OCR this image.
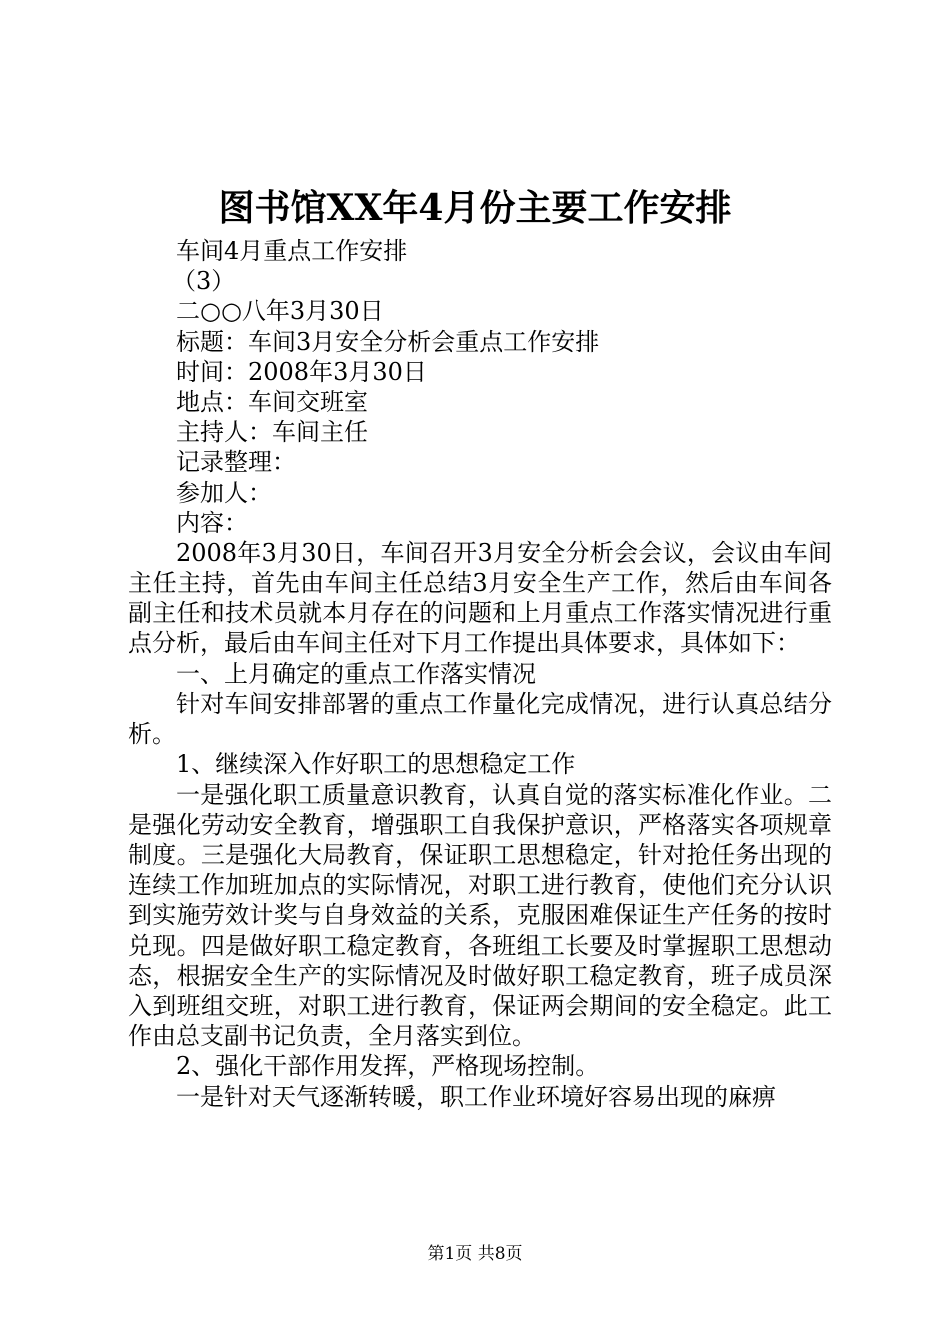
图书馆XX年4月份主要工作安排
车间4月重点工作安排
（3）
二○○八年3月30日
标题：车间3月安全分析会重点工作安排
时间：2008年3月30日
地点：车间交班室
主持人：车间主任
记录整理：
参加人：
内容：

2008年3月30日，车间召开3月安全分析会会议，会议由车间主任主持，首先由车间主任总结3月安全生产工作，然后由车间各副主任和技术员就本月存在的问题和上月重点工作落实情况进行重点分析，最后由车间主任对下月工作提出具体要求，具体如下：

一、上月确定的重点工作落实情况

针对车间安排部署的重点工作量化完成情况，进行认真总结分析。

1、继续深入作好职工的思想稳定工作

一是强化职工质量意识教育，认真自觉的落实标准化作业。二是强化劳动安全教育，增强职工自我保护意识，严格落实各项规章制度。三是强化大局教育，保证职工思想稳定，针对抢任务出现的连续工作加班加点的实际情况，对职工进行教育，使他们充分认识到实施劳效计奖与自身效益的关系，克服困难保证生产任务的按时兑现。四是做好职工稳定教育，各班组工长要及时掌握职工思想动态，根据安全生产的实际情况及时做好职工稳定教育，班子成员深入到班组交班，对职工进行教育，保证两会期间的安全稳定。此工作由总支副书记负责，全月落实到位。

2、强化干部作用发挥，严格现场控制。

一是针对天气逐渐转暖，职工作业环境好容易出现的麻痹

第1页 共8页
